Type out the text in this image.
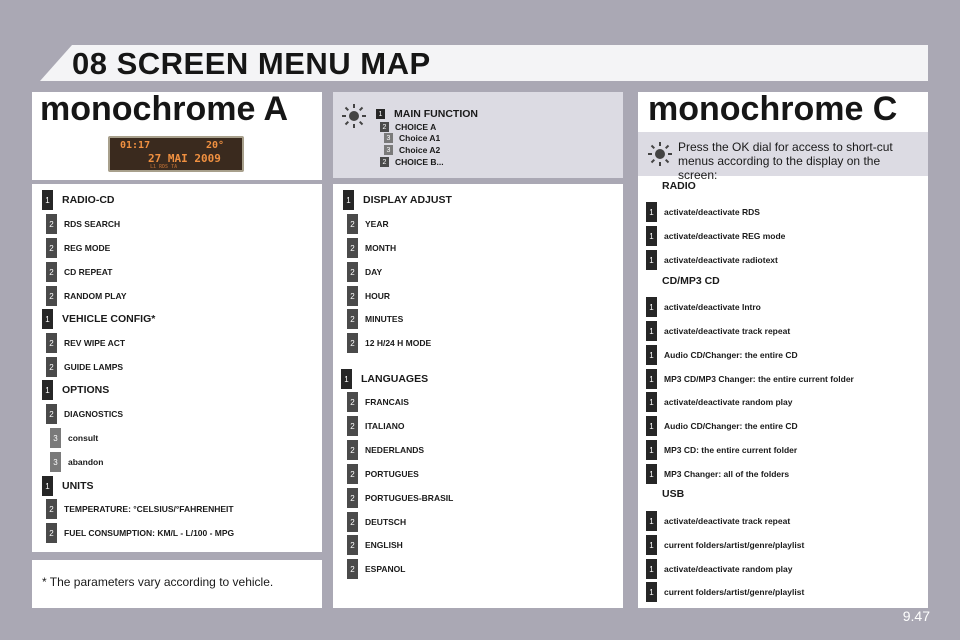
08 SCREEN MENU MAP
monochrome A
01:17	20°
27 MAI 2009
L1 RDS TA
1	RADIO-CD
2	RDS SEARCH
2	REG MODE
2	CD REPEAT
2	RANDOM PLAY
1	VEHICLE CONFIG*
2	REV WIPE ACT
2	GUIDE LAMPS
1	OPTIONS
2	DIAGNOSTICS
3	consult
3	abandon
1	UNITS
2	TEMPERATURE: °CELSIUS/°FAHRENHEIT
2	FUEL CONSUMPTION: KM/L - L/100 - MPG
* The parameters vary according to vehicle.
1 MAIN FUNCTION
2 CHOICE A
3 Choice A1
3 Choice A2
2 CHOICE B...
1	DISPLAY ADJUST
2	YEAR
2	MONTH
2	DAY
2	HOUR
2	MINUTES
2	12 H/24 H MODE
1	LANGUAGES
2	FRANCAIS
2	ITALIANO
2	NEDERLANDS
2	PORTUGUES
2	PORTUGUES-BRASIL
2	DEUTSCH
2	ENGLISH
2	ESPANOL
monochrome C
Press the OK dial for access to short-cut menus according to the display on the screen:
RADIO
1	activate/deactivate RDS
1	activate/deactivate REG mode
1	activate/deactivate radiotext
CD/MP3 CD
1	activate/deactivate Intro
1	activate/deactivate track repeat
1	Audio CD/Changer: the entire CD
1	MP3 CD/MP3 Changer: the entire current folder
1	activate/deactivate random play
1	Audio CD/Changer: the entire CD
1	MP3 CD: the entire current folder
1	MP3 Changer: all of the folders
USB
1	activate/deactivate track repeat
1	current folders/artist/genre/playlist
1	activate/deactivate random play
1	current folders/artist/genre/playlist
9.47
